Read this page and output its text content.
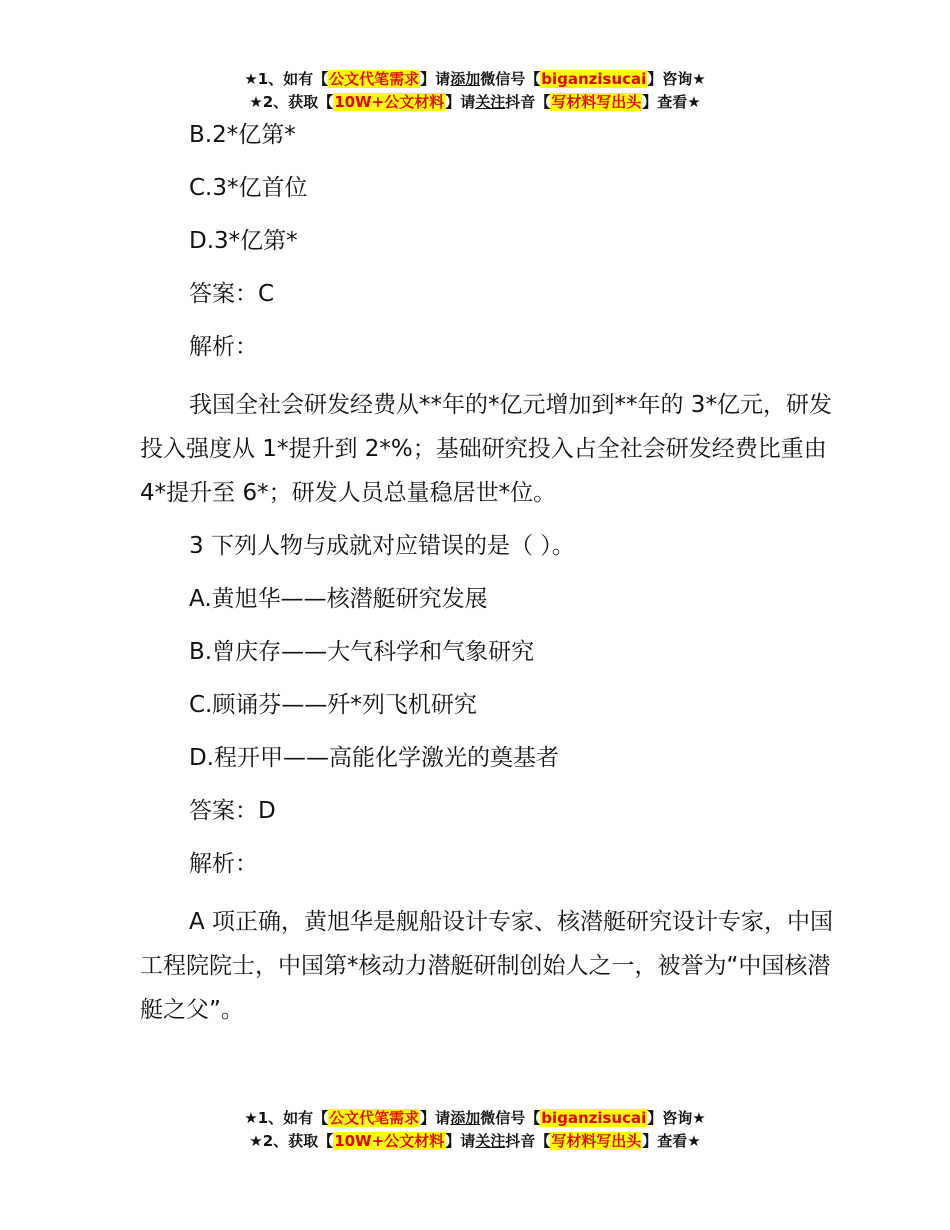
★1、如有【公文代笔需求】请添加微信号【biganzisucai】咨询★
★2、获取【10W+公文材料】请关注抖音【写材料写出头】查看★

B.2*亿第*

C.3*亿首位

D.3*亿第*

答案：C

解析：

我国全社会研发经费从**年的*亿元增加到**年的 3*亿元，研发投入强度从 1*提升到 2*%；基础研究投入占全社会研发经费比重由 4*提升至 6*；研发人员总量稳居世*位。

3 下列人物与成就对应错误的是（ ）。

A.黄旭华——核潜艇研究发展

B.曾庆存——大气科学和气象研究

C.顾诵芬——歼*列飞机研究

D.程开甲——高能化学激光的奠基者

答案：D

解析：

A 项正确，黄旭华是舰船设计专家、核潜艇研究设计专家，中国工程院院士，中国第*核动力潜艇研制创始人之一，被誉为“中国核潜艇之父”。

★1、如有【公文代笔需求】请添加微信号【biganzisucai】咨询★
★2、获取【10W+公文材料】请关注抖音【写材料写出头】查看★
